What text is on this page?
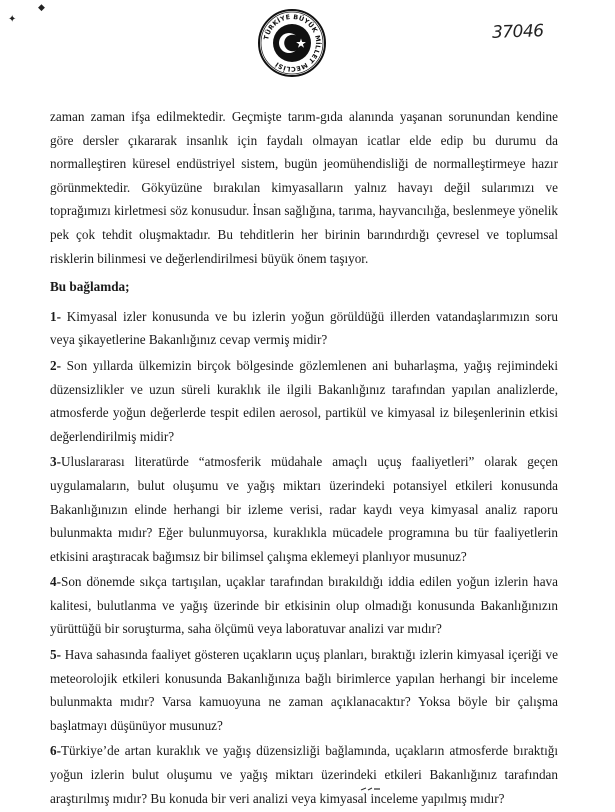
✦
◆
TÜRKİYE BÜYÜK MİLLET MECLİSİ
37046

zaman zaman ifşa edilmektedir. Geçmişte tarım-gıda alanında yaşanan sorunundan kendine göre dersler çıkararak insanlık için faydalı olmayan icatlar elde edip bu durumu da normalleştiren küresel endüstriyel sistem, bugün jeomühendisliği de normalleştirmeye hazır görünmektedir. Gökyüzüne bırakılan kimyasalların yalnız havayı değil sularımızı ve toprağımızı kirletmesi söz konusudur. İnsan sağlığına, tarıma, hayvancılığa, beslenmeye yönelik pek çok tehdit oluşmaktadır. Bu tehditlerin her birinin barındırdığı çevresel ve toplumsal risklerin bilinmesi ve değerlendirilmesi büyük önem taşıyor.

Bu bağlamda;

1- Kimyasal izler konusunda ve bu izlerin yoğun görüldüğü illerden vatandaşlarımızın soru veya şikayetlerine Bakanlığınız cevap vermiş midir?

2- Son yıllarda ülkemizin birçok bölgesinde gözlemlenen ani buharlaşma, yağış rejimindeki düzensizlikler ve uzun süreli kuraklık ile ilgili Bakanlığınız tarafından yapılan analizlerde, atmosferde yoğun değerlerde tespit edilen aerosol, partikül ve kimyasal iz bileşenlerinin etkisi değerlendirilmiş midir?

3-Uluslararası literatürde “atmosferik müdahale amaçlı uçuş faaliyetleri” olarak geçen uygulamaların, bulut oluşumu ve yağış miktarı üzerindeki potansiyel etkileri konusunda Bakanlığınızın elinde herhangi bir izleme verisi, radar kaydı veya kimyasal analiz raporu bulunmakta mıdır? Eğer bulunmuyorsa, kuraklıkla mücadele programına bu tür faaliyetlerin etkisini araştıracak bağımsız bir bilimsel çalışma eklemeyi planlıyor musunuz?

4-Son dönemde sıkça tartışılan, uçaklar tarafından bırakıldığı iddia edilen yoğun izlerin hava kalitesi, bulutlanma ve yağış üzerinde bir etkisinin olup olmadığı konusunda Bakanlığınızın yürüttüğü bir soruşturma, saha ölçümü veya laboratuvar analizi var mıdır?

5- Hava sahasında faaliyet gösteren uçakların uçuş planları, bıraktığı izlerin kimyasal içeriği ve meteorolojik etkileri konusunda Bakanlığınıza bağlı birimlerce yapılan herhangi bir inceleme bulunmakta mıdır? Varsa kamuoyuna ne zaman açıklanacaktır? Yoksa böyle bir çalışma başlatmayı düşünüyor musunuz?

6-Türkiye’de artan kuraklık ve yağış düzensizliği bağlamında, uçakların atmosferde bıraktığı yoğun izlerin bulut oluşumu ve yağış miktarı üzerindeki etkileri Bakanlığınız tarafından araştırılmış mıdır? Bu konuda bir veri analizi veya kimyasal inceleme yapılmış mıdır?
